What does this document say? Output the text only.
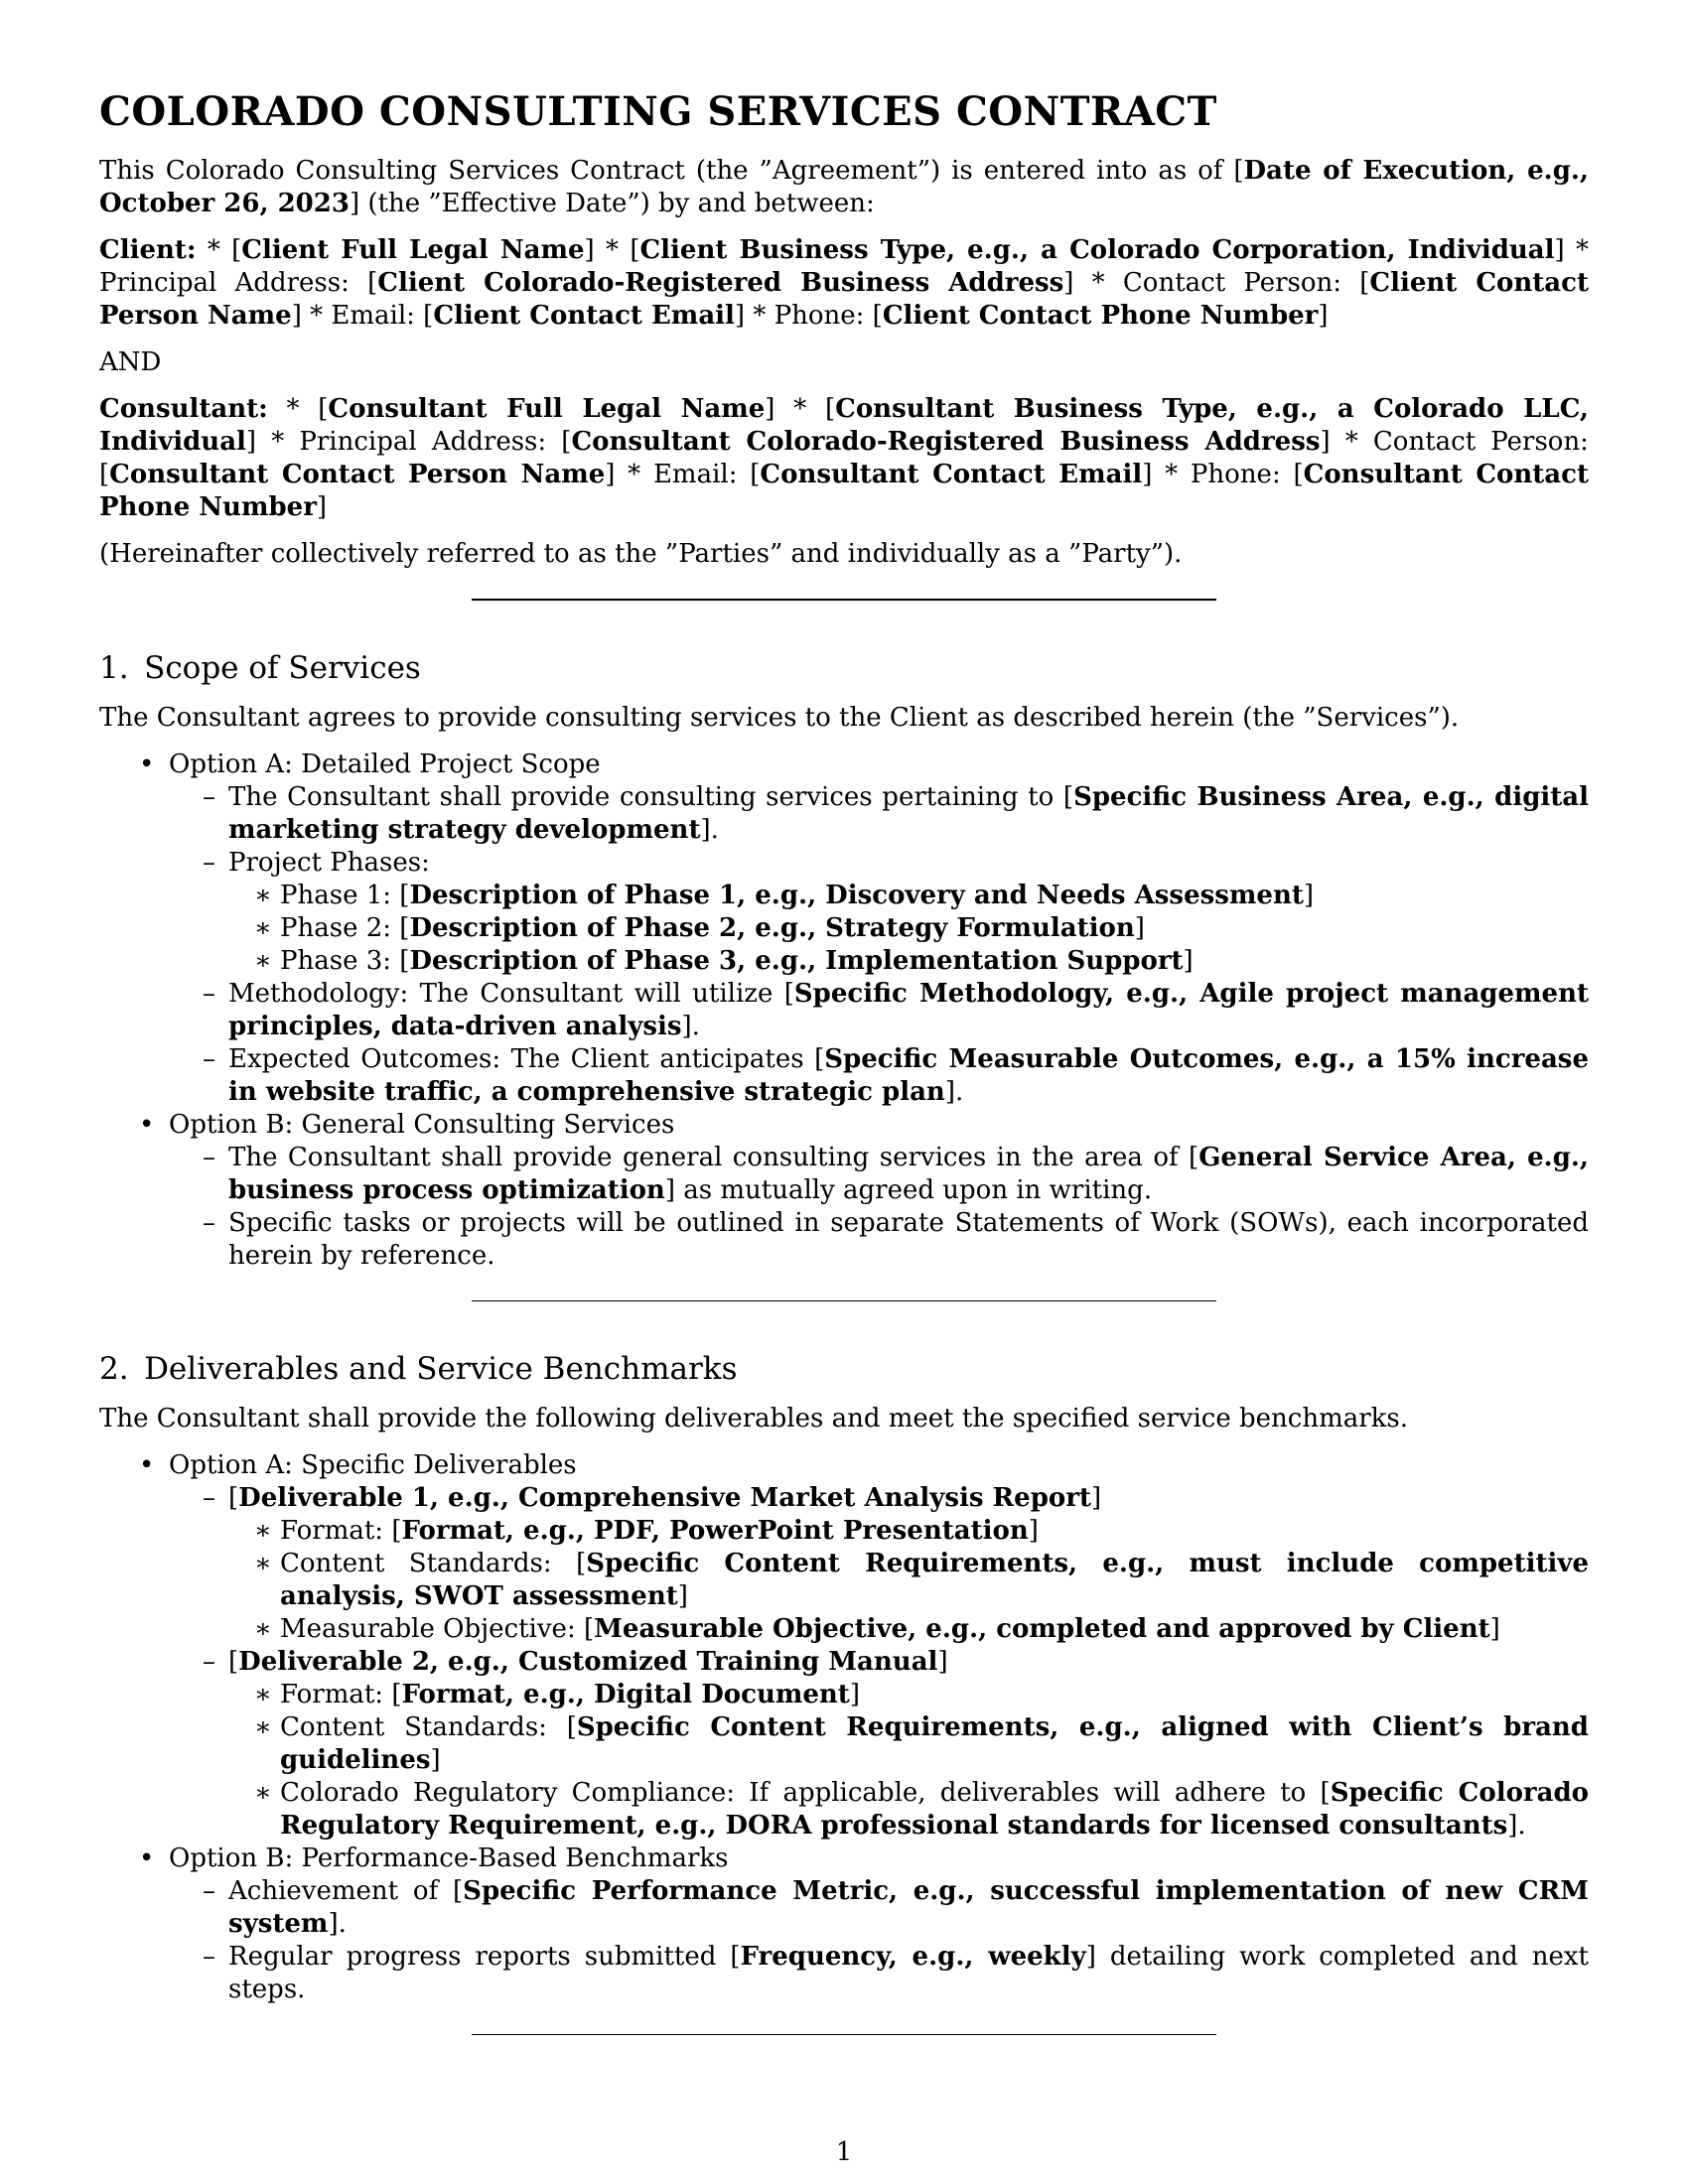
COLORADO CONSULTING SERVICES CONTRACT

This Colorado Consulting Services Contract (the ”Agreement”) is entered into as of [Date of Execution, e.g., October 26, 2023] (the ”Effective Date”) by and between:

Client: * [Client Full Legal Name] * [Client Business Type, e.g., a Colorado Corporation, Individual] * Principal Address: [Client Colorado-Registered Business Address] * Contact Person: [Client Contact Person Name] * Email: [Client Contact Email] * Phone: [Client Contact Phone Number]

AND

Consultant: * [Consultant Full Legal Name] * [Consultant Business Type, e.g., a Colorado LLC, Individual] * Principal Address: [Consultant Colorado-Registered Business Address] * Contact Person: [Consultant Contact Person Name] * Email: [Consultant Contact Email] * Phone: [Consultant Contact Phone Number]

(Hereinafter collectively referred to as the ”Parties” and individually as a ”Party”).

1. Scope of Services

The Consultant agrees to provide consulting services to the Client as described herein (the ”Services”).

• Option A: Detailed Project Scope
– The Consultant shall provide consulting services pertaining to [Specific Business Area, e.g., digital marketing strategy development].
– Project Phases:
∗ Phase 1: [Description of Phase 1, e.g., Discovery and Needs Assessment]
∗ Phase 2: [Description of Phase 2, e.g., Strategy Formulation]
∗ Phase 3: [Description of Phase 3, e.g., Implementation Support]
– Methodology: The Consultant will utilize [Specific Methodology, e.g., Agile project management principles, data-driven analysis].
– Expected Outcomes: The Client anticipates [Specific Measurable Outcomes, e.g., a 15% increase in website traffic, a comprehensive strategic plan].
• Option B: General Consulting Services
– The Consultant shall provide general consulting services in the area of [General Service Area, e.g., business process optimization] as mutually agreed upon in writing.
– Specific tasks or projects will be outlined in separate Statements of Work (SOWs), each incorporated herein by reference.
2. Deliverables and Service Benchmarks

The Consultant shall provide the following deliverables and meet the specified service benchmarks.

• Option A: Specific Deliverables
– [Deliverable 1, e.g., Comprehensive Market Analysis Report]
∗ Format: [Format, e.g., PDF, PowerPoint Presentation]
∗ Content Standards: [Specific Content Requirements, e.g., must include competitive analysis, SWOT assessment]
∗ Measurable Objective: [Measurable Objective, e.g., completed and approved by Client]
– [Deliverable 2, e.g., Customized Training Manual]
∗ Format: [Format, e.g., Digital Document]
∗ Content Standards: [Specific Content Requirements, e.g., aligned with Client’s brand guidelines]
∗ Colorado Regulatory Compliance: If applicable, deliverables will adhere to [Specific Colorado Regulatory Requirement, e.g., DORA professional standards for licensed consultants].
• Option B: Performance-Based Benchmarks
– Achievement of [Specific Performance Metric, e.g., successful implementation of new CRM system].
– Regular progress reports submitted [Frequency, e.g., weekly] detailing work completed and next steps.
1
